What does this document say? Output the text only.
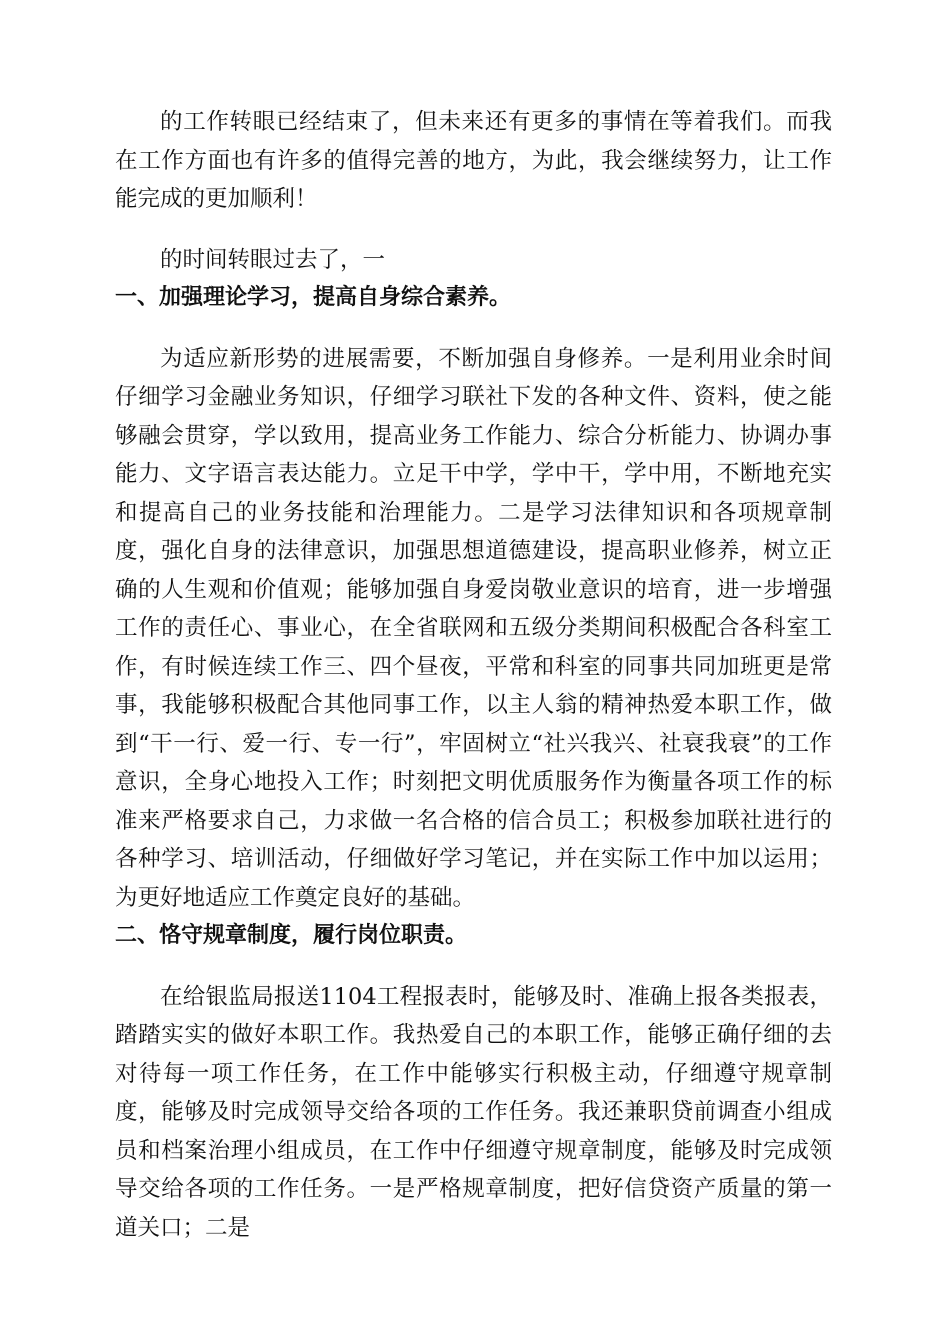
的工作转眼已经结束了，但未来还有更多的事情在等着我们。而我在工作方面也有许多的值得完善的地方，为此，我会继续努力，让工作能完成的更加顺利！

的时间转眼过去了，一

一、加强理论学习，提高自身综合素养。

为适应新形势的进展需要，不断加强自身修养。一是利用业余时间仔细学习金融业务知识，仔细学习联社下发的各种文件、资料，使之能够融会贯穿，学以致用，提高业务工作能力、综合分析能力、协调办事能力、文字语言表达能力。立足干中学，学中干，学中用，不断地充实和提高自己的业务技能和治理能力。二是学习法律知识和各项规章制度，强化自身的法律意识，加强思想道德建设，提高职业修养，树立正确的人生观和价值观；能够加强自身爱岗敬业意识的培育，进一步增强工作的责任心、事业心，在全省联网和五级分类期间积极配合各科室工作，有时候连续工作三、四个昼夜，平常和科室的同事共同加班更是常事，我能够积极配合其他同事工作，以主人翁的精神热爱本职工作，做到“干一行、爱一行、专一行”，牢固树立“社兴我兴、社衰我衰”的工作意识，全身心地投入工作；时刻把文明优质服务作为衡量各项工作的标准来严格要求自己，力求做一名合格的信合员工；积极参加联社进行的各种学习、培训活动，仔细做好学习笔记，并在实际工作中加以运用；为更好地适应工作奠定良好的基础。

二、恪守规章制度，履行岗位职责。

在给银监局报送1104工程报表时，能够及时、准确上报各类报表，踏踏实实的做好本职工作。我热爱自己的本职工作，能够正确仔细的去对待每一项工作任务，在工作中能够实行积极主动，仔细遵守规章制度，能够及时完成领导交给各项的工作任务。我还兼职贷前调查小组成员和档案治理小组成员，在工作中仔细遵守规章制度，能够及时完成领导交给各项的工作任务。一是严格规章制度，把好信贷资产质量的第一道关口；二是
